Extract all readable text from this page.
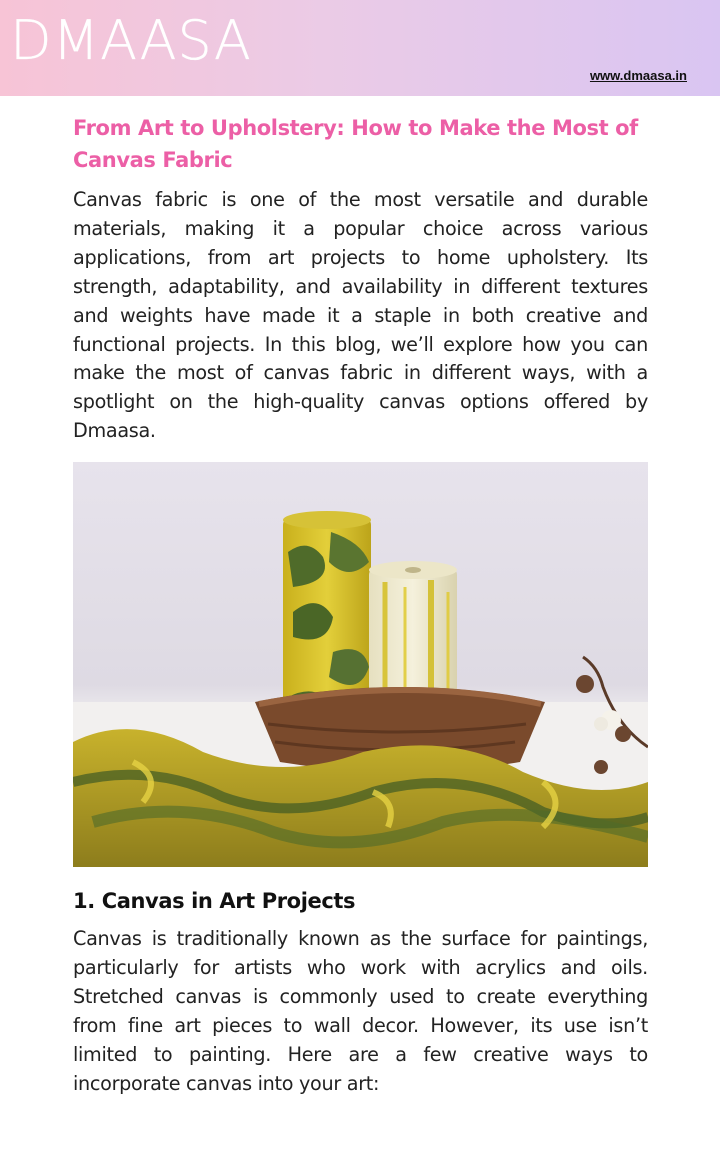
DMAASA
www.dmaasa.in
From Art to Upholstery: How to Make the Most of Canvas Fabric

Canvas fabric is one of the most versatile and durable materials, making it a popular choice across various applications, from art projects to home upholstery. Its strength, adaptability, and availability in different textures and weights have made it a staple in both creative and functional projects. In this blog, we’ll explore how you can make the most of canvas fabric in different ways, with a spotlight on the high-quality canvas options offered by Dmaasa.

1. Canvas in Art Projects

Canvas is traditionally known as the surface for paintings, particularly for artists who work with acrylics and oils. Stretched canvas is commonly used to create everything from fine art pieces to wall decor. However, its use isn’t limited to painting. Here are a few creative ways to incorporate canvas into your art:
